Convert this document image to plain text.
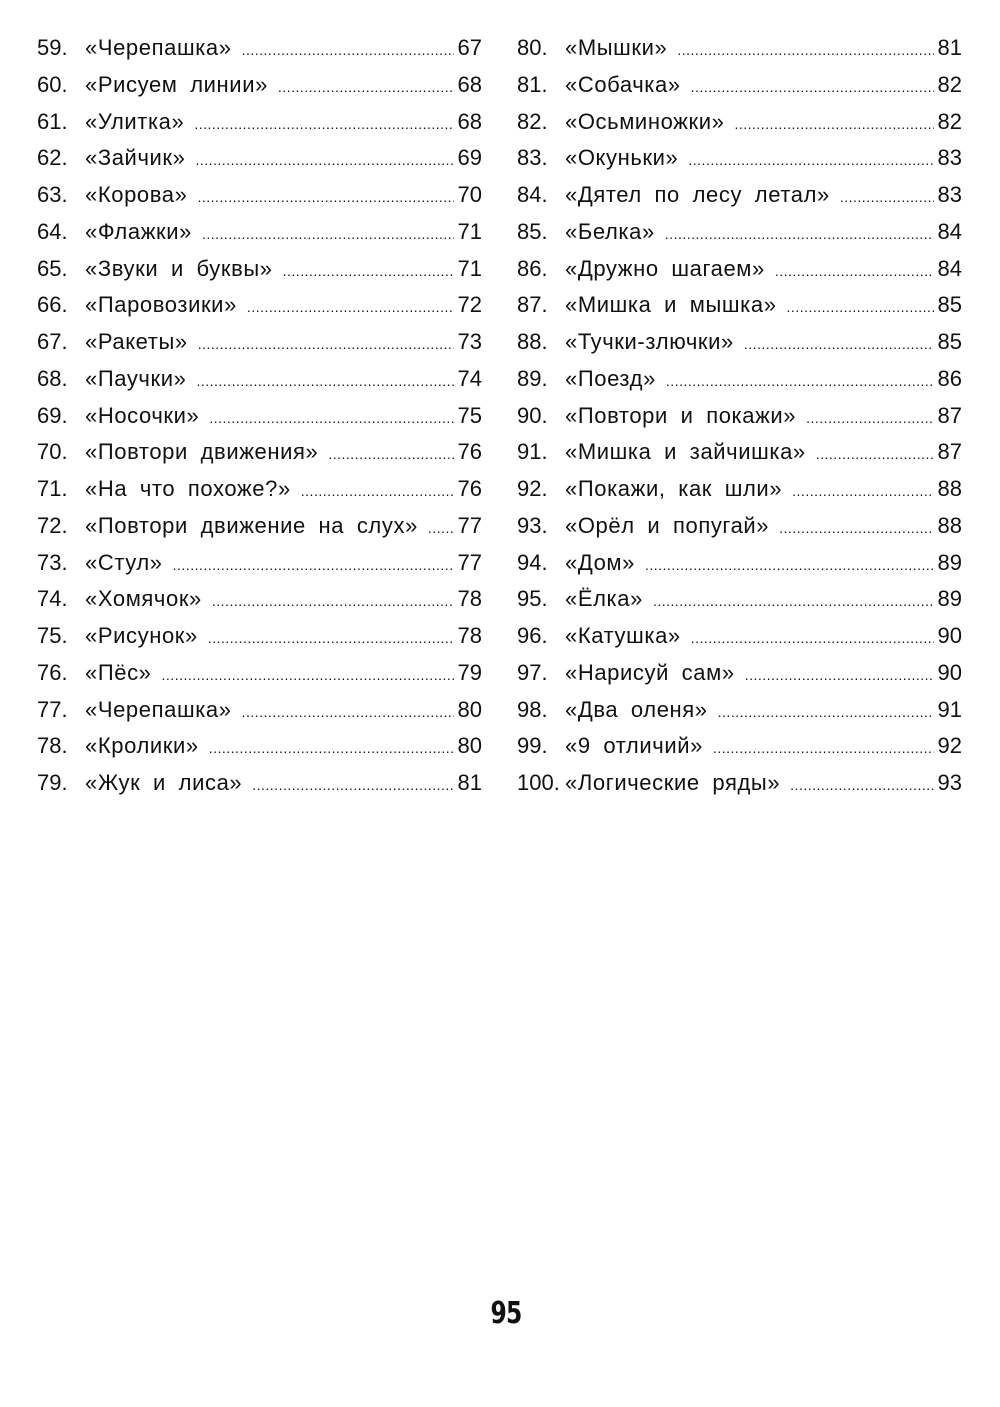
59. «Черепашка» .....	67
60. «Рисуем линии» .....	68
61. «Улитка» .....	68
62. «Зайчик» .....	69
63. «Корова» .....	70
64. «Флажки» .....	71
65. «Звуки и буквы» .....	71
66. «Паровозики» .....	72
67. «Ракеты» .....	73
68. «Паучки» .....	74
69. «Носочки» .....	75
70. «Повтори движения» .....	76
71. «На что похоже?» .....	76
72. «Повтори движение на слух» ..... 77
73. «Стул» .....	77
74. «Хомячок» .....	78
75. «Рисунок» .....	78
76. «Пёс» .....	79
77. «Черепашка» .....	80
78. «Кролики» .....	80
79. «Жук и лиса» .....	81
80. «Мышки» .....	81
81. «Собачка» .....	82
82. «Осьминожки» .....	82
83. «Окуньки» .....	83
84. «Дятел по лесу летал» .....	83
85. «Белка» .....	84
86. «Дружно шагаем» .....	84
87. «Мишка и мышка» .....	85
88. «Тучки-злючки» .....	85
89. «Поезд» .....	86
90. «Повтори и покажи» .....	87
91. «Мишка и зайчишка» .....	87
92. «Покажи, как шли» .....	88
93. «Орёл и попугай» .....	88
94. «Дом» .....	89
95. «Ёлка» .....	89
96. «Катушка» .....	90
97. «Нарисуй сам» .....	90
98. «Два оленя» .....	91
99. «9 отличий» .....	92
100. «Логические ряды» .....	93
95
